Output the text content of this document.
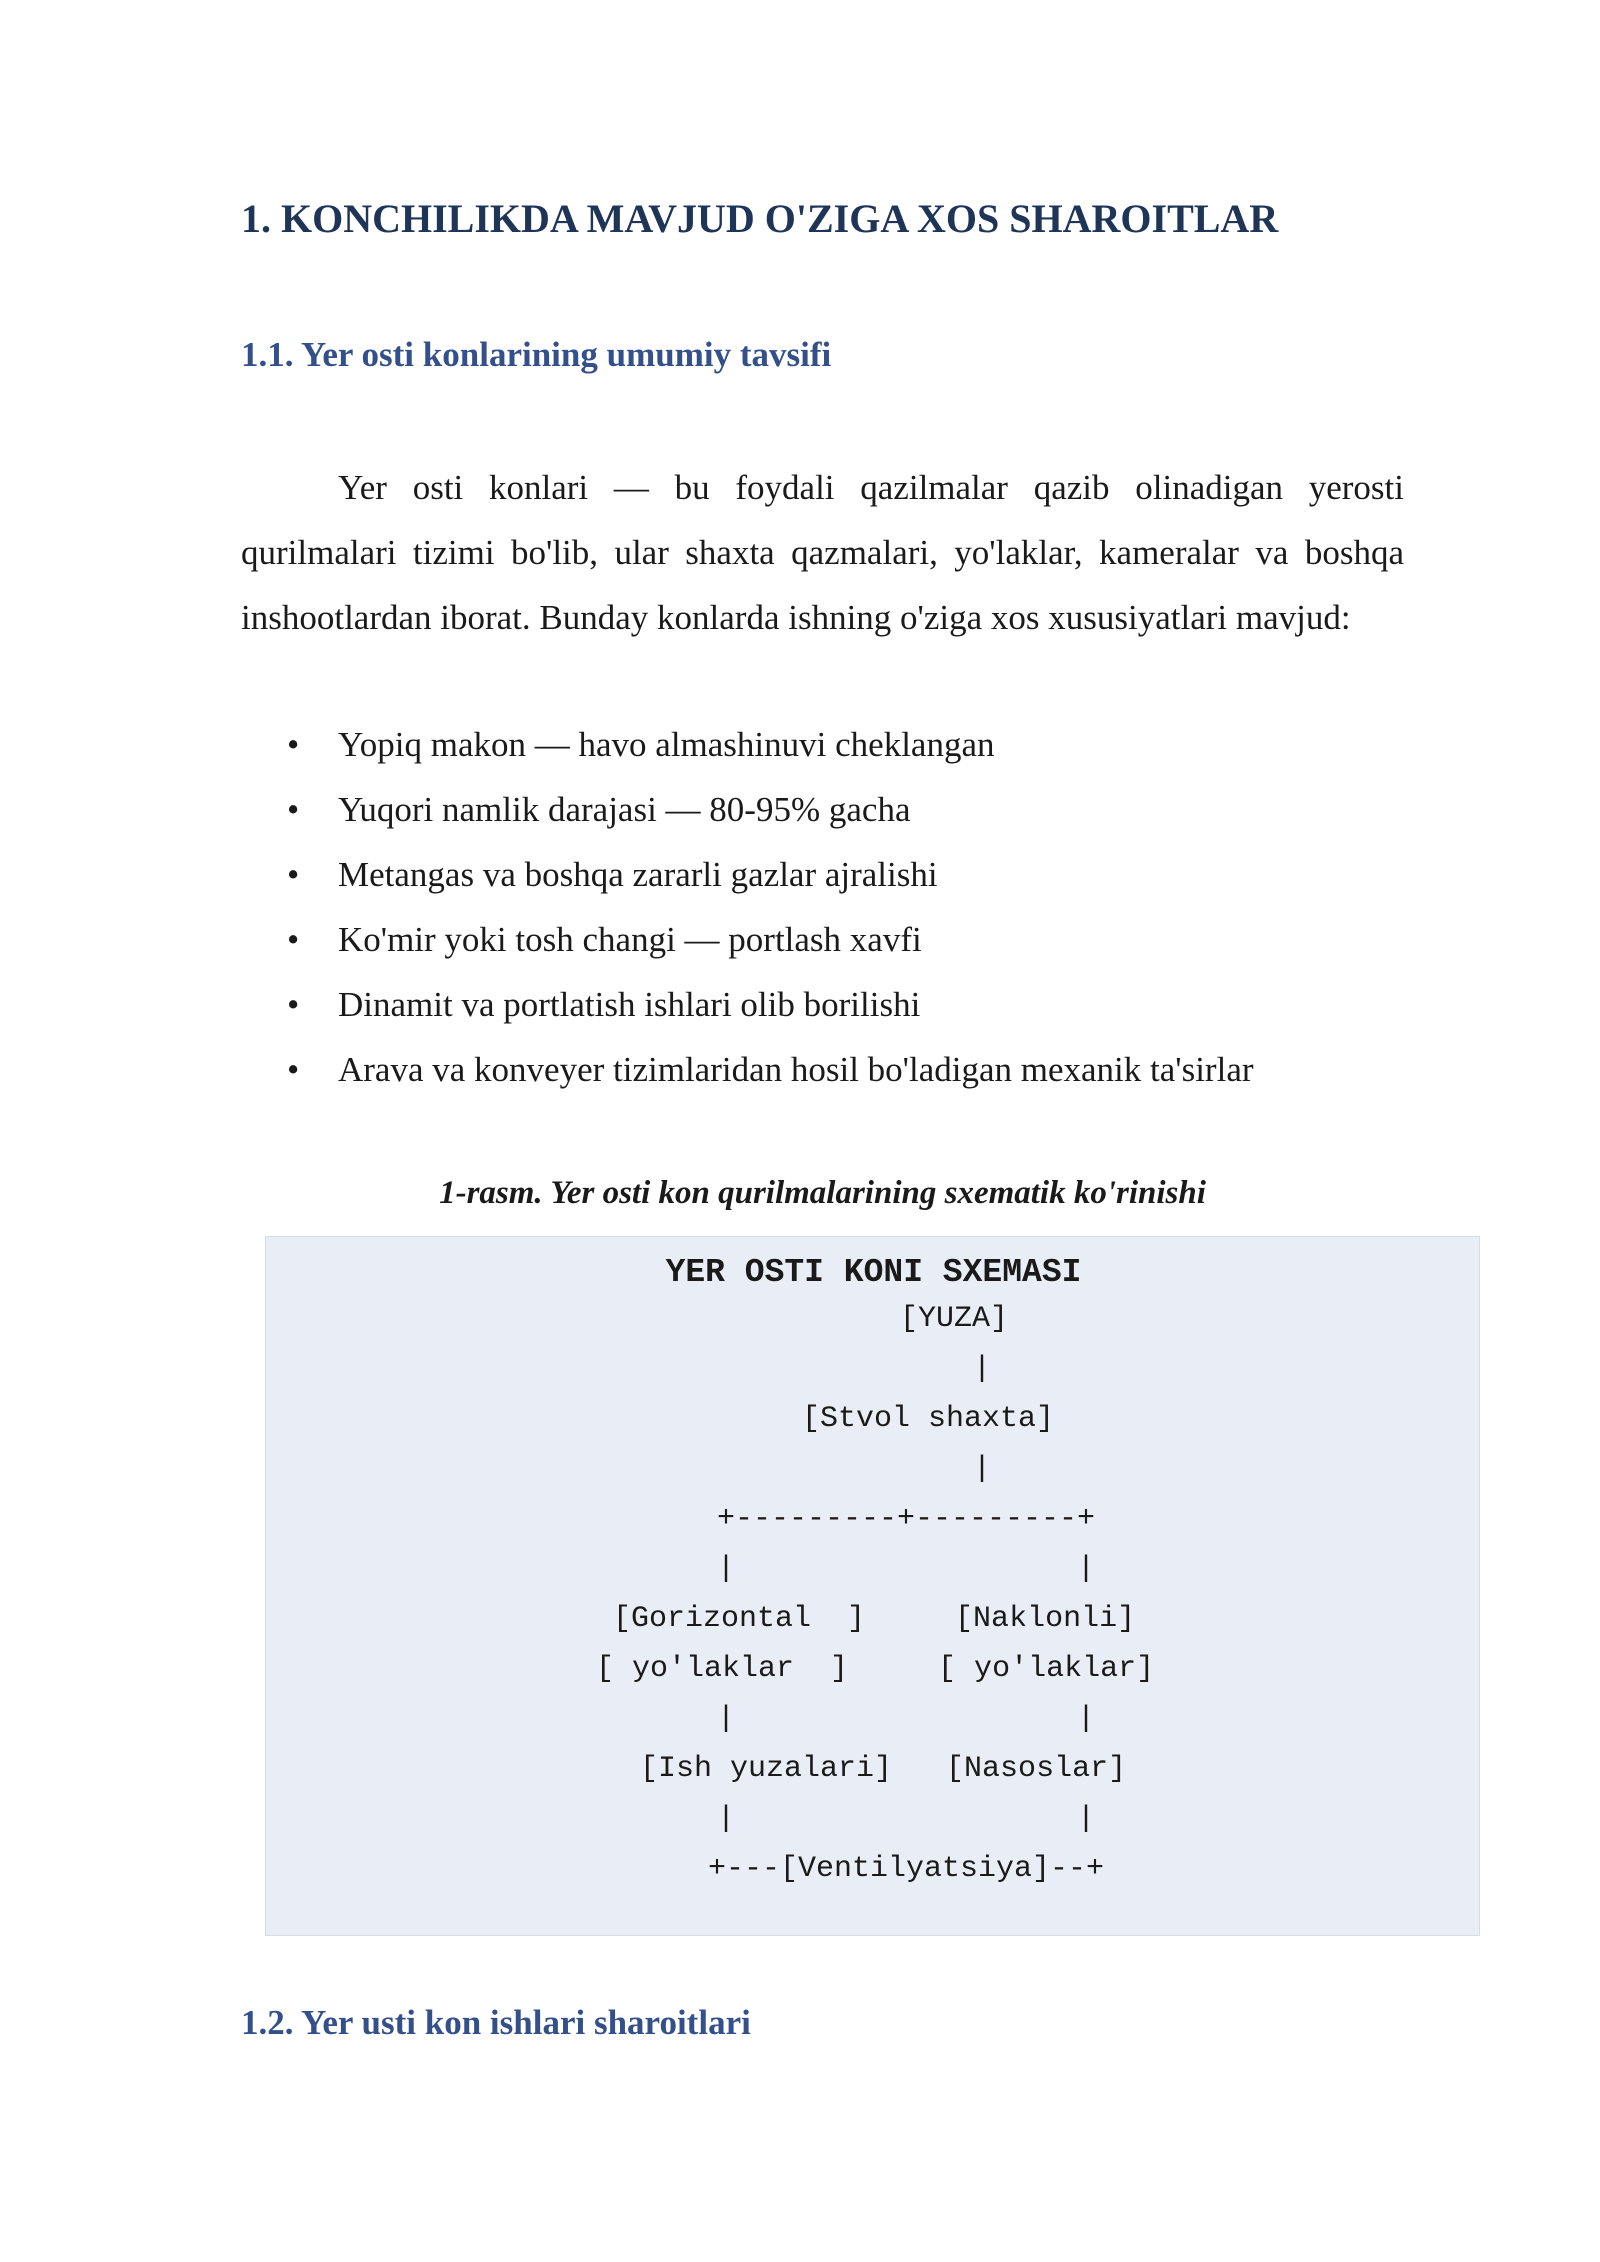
1. KONCHILIKDA MAVJUD O'ZIGA XOS SHAROITLAR
1.1. Yer osti konlarining umumiy tavsifi

Yer osti konlari — bu foydali qazilmalar qazib olinadigan yerosti qurilmalari tizimi bo'lib, ular shaxta qazmalari, yo'laklar, kameralar va boshqa inshootlardan iborat. Bunday konlarda ishning o'ziga xos xususiyatlari mavjud:

• Yopiq makon — havo almashinuvi cheklangan
• Yuqori namlik darajasi — 80-95% gacha
• Metangas va boshqa zararli gazlar ajralishi
• Ko'mir yoki tosh changi — portlash xavfi
• Dinamit va portlatish ishlari olib borilishi
• Arava va konveyer tizimlaridan hosil bo'ladigan mexanik ta'sirlar
1-rasm. Yer osti kon qurilmalarining sxematik ko'rinishi
YER OSTI KONI SXEMASI
[YUZA]
|
[Stvol shaxta]
|
+---------+---------+
|                   |
[Gorizontal  ]     [Naklonli]
[ yo'laklar  ]     [ yo'laklar]
|                   |
[Ish yuzalari]   [Nasoslar]
|                   |
+---[Ventilyatsiya]--+
1.2. Yer usti kon ishlari sharoitlari
